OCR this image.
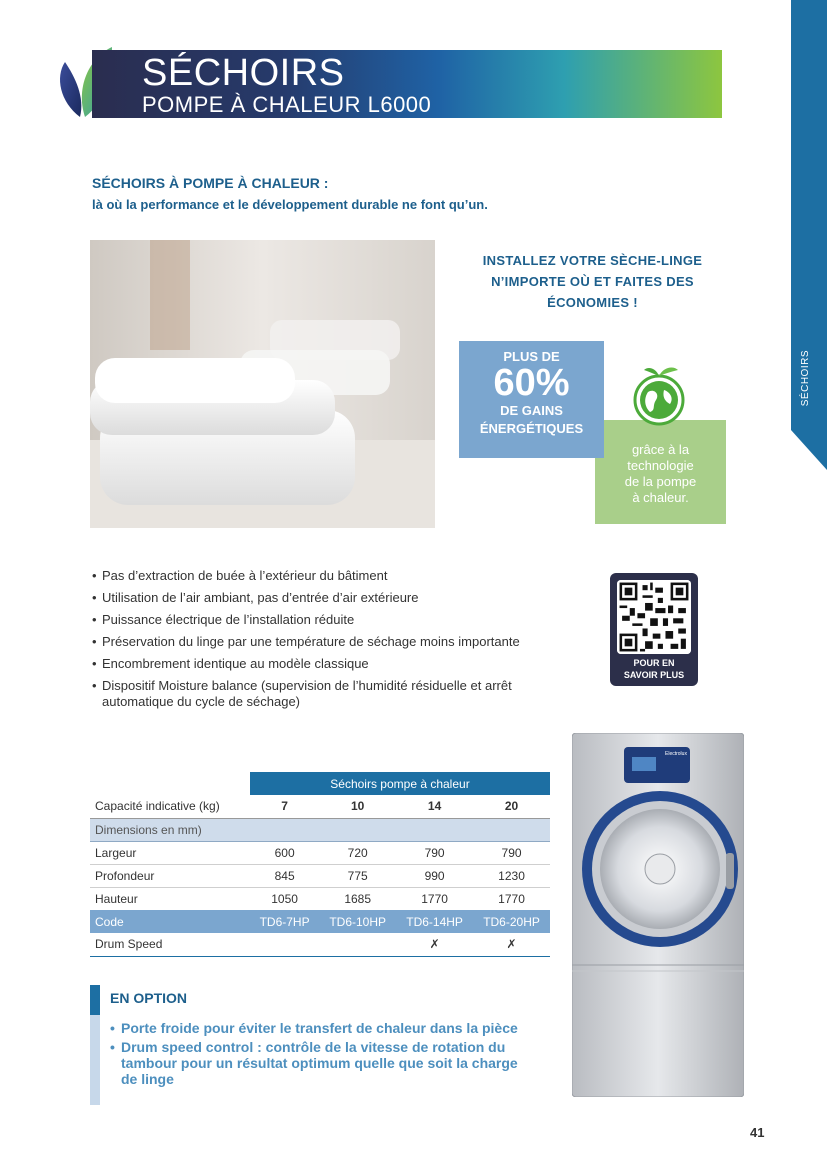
SÉCHOIRS
POMPE À CHALEUR L6000
SÉCHOIRS
SÉCHOIRS À POMPE À CHALEUR :
là où la performance et le développement durable ne font qu’un.
INSTALLEZ VOTRE SÈCHE-LINGE
N’IMPORTE OÙ ET FAITES DES
ÉCONOMIES !
grâce à la
technologie
de la pompe
à chaleur.
PLUS DE
60%
DE GAINS
ÉNERGÉTIQUES
• Pas d’extraction de buée à l’extérieur du bâtiment
• Utilisation de l’air ambiant, pas d’entrée d’air extérieure
• Puissance électrique de l’installation réduite
• Préservation du linge par une température de séchage moins importante
• Encombrement identique au modèle classique
• Dispositif Moisture balance (supervision de l’humidité résiduelle et arrêt automatique du cycle de séchage)
POUR EN
SAVOIR PLUS
	Séchoirs pompe à chaleur			
Capacité indicative (kg)	7	10	14	20
Dimensions en mm)				
Largeur	600	720	790	790
Profondeur	845	775	990	1230
Hauteur	1050	1685	1770	1770
Code	TD6-7HP	TD6-10HP	TD6-14HP	TD6-20HP
Drum Speed			✗	✗
EN OPTION
• Porte froide pour éviter le transfert de chaleur dans la pièce
• Drum speed control : contrôle de la vitesse de rotation du tambour pour un résultat optimum quelle que soit la charge de linge
Electrolux
41
